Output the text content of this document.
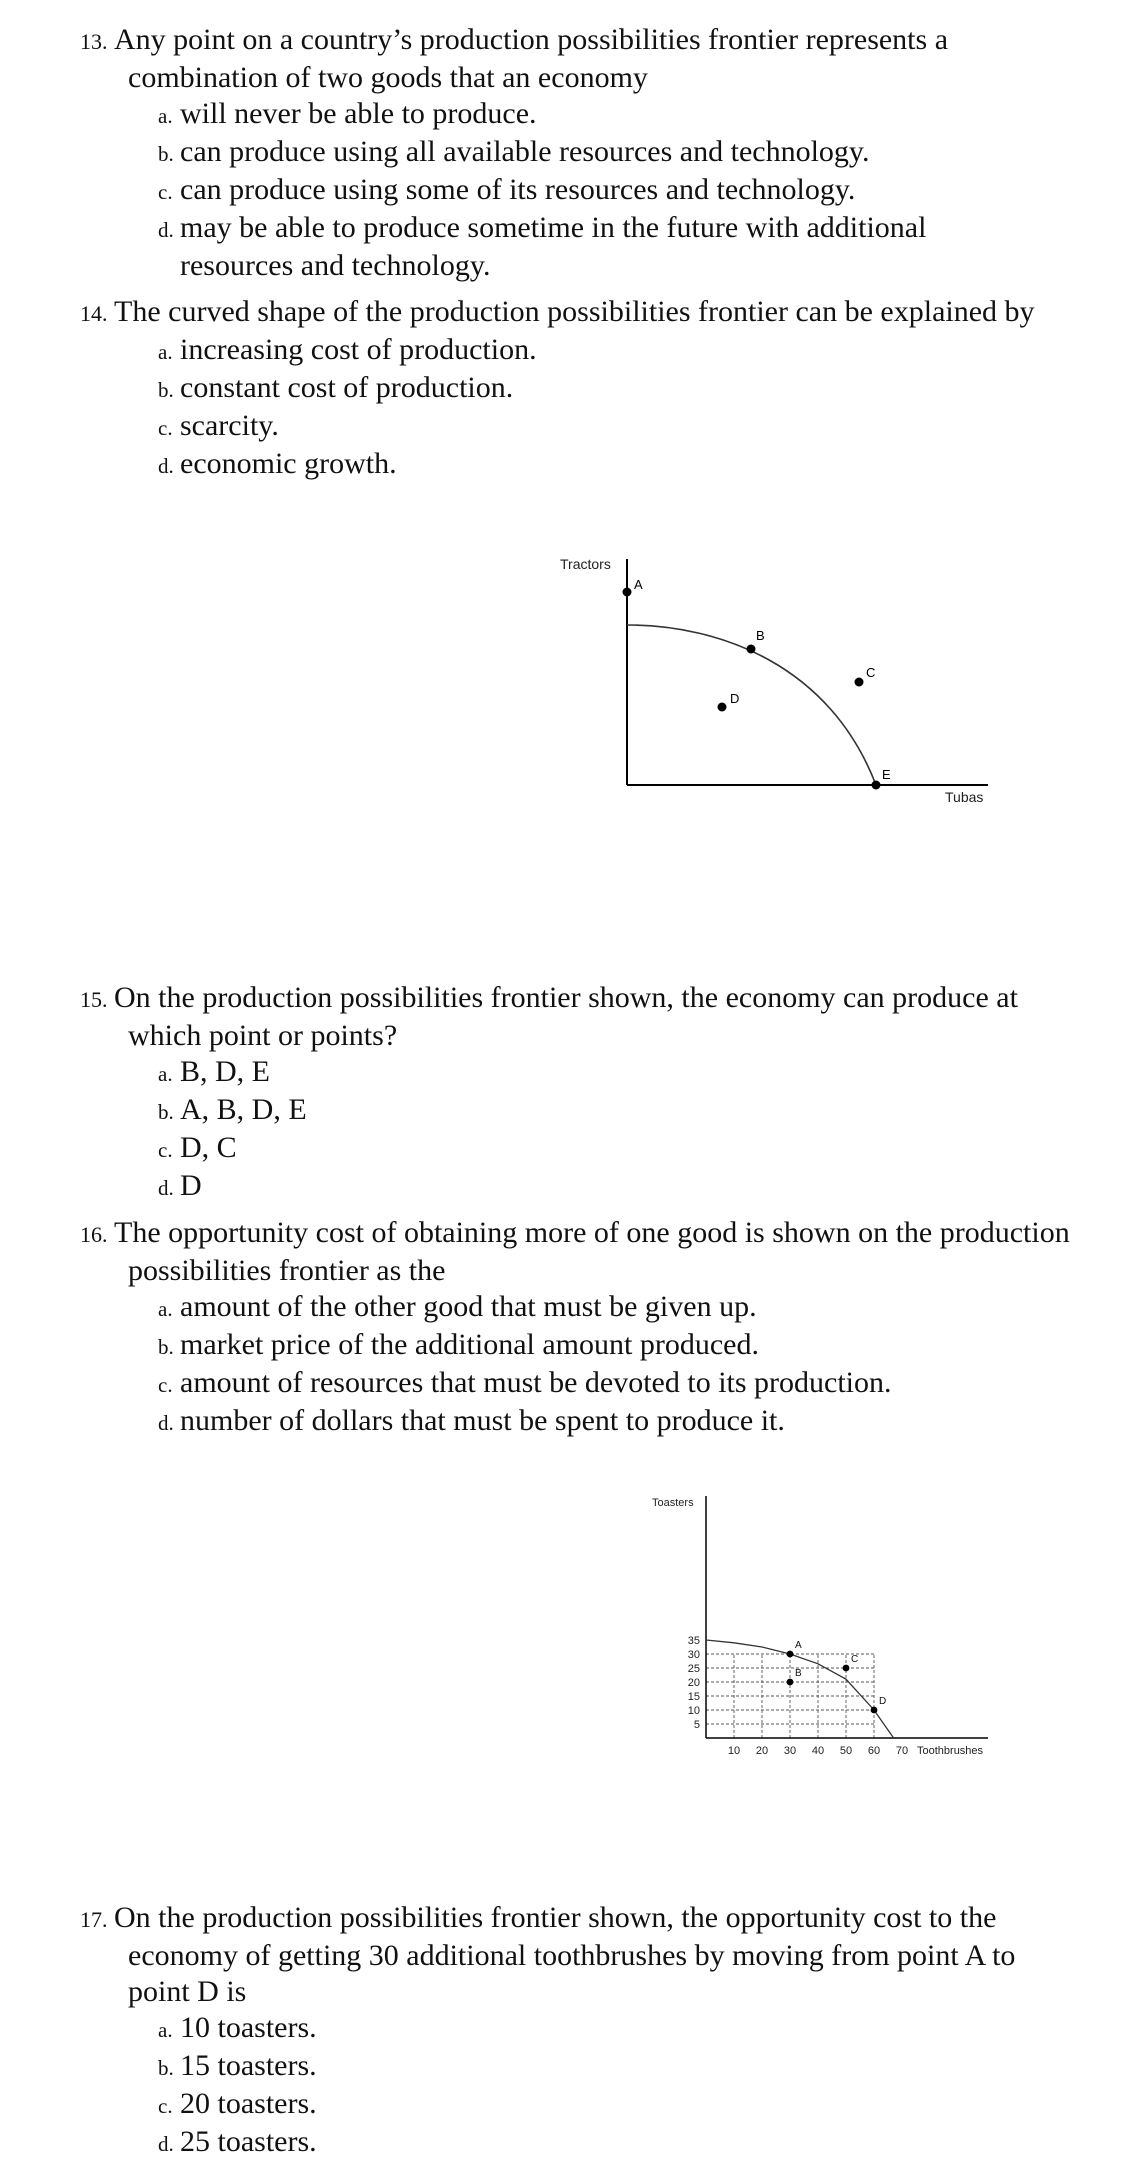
13. Any point on a country’s production possibilities frontier represents a combination of two goods that an economy
a. will never be able to produce.
b. can produce using all available resources and technology.
c. can produce using some of its resources and technology.
d. may be able to produce sometime in the future with additional resources and technology.
14. The curved shape of the production possibilities frontier can be explained by
a. increasing cost of production.
b. constant cost of production.
c. scarcity.
d. economic growth.
Tractors
Tubas
A
B
C
D
E
15. On the production possibilities frontier shown, the economy can produce at which point or points?
a. B, D, E
b. A, B, D, E
c. D, C
d. D
16. The opportunity cost of obtaining more of one good is shown on the production possibilities frontier as the
a. amount of the other good that must be given up.
b. market price of the additional amount produced.
c. amount of resources that must be devoted to its production.
d. number of dollars that must be spent to produce it.
Toasters
10 20 30 40 50 60 70
5
10
15
20
25
30
35	A
B
C
D
Toothbrushes
17. On the production possibilities frontier shown, the opportunity cost to the economy of getting 30 additional toothbrushes by moving from point A to point D is
a. 10 toasters.
b. 15 toasters.
c. 20 toasters.
d. 25 toasters.
